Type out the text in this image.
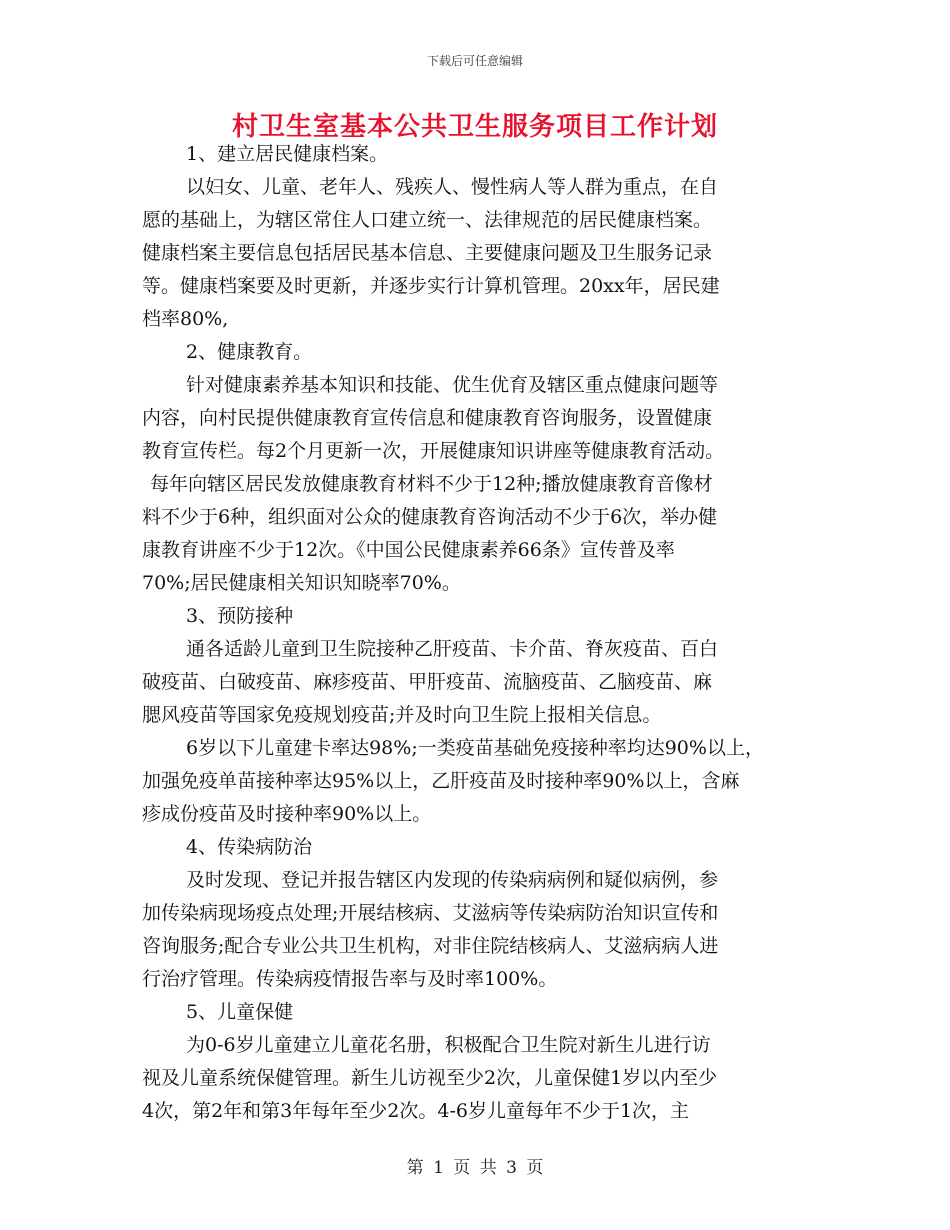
下载后可任意编辑
村卫生室基本公共卫生服务项目工作计划
1、建立居民健康档案。
以妇女、儿童、老年人、残疾人、慢性病人等人群为重点，在自
愿的基础上，为辖区常住人口建立统一、法律规范的居民健康档案。
健康档案主要信息包括居民基本信息、主要健康问题及卫生服务记录
等。健康档案要及时更新，并逐步实行计算机管理。20xx年，居民建
档率80%,
2、健康教育。
针对健康素养基本知识和技能、优生优育及辖区重点健康问题等
内容，向村民提供健康教育宣传信息和健康教育咨询服务，设置健康
教育宣传栏。每2个月更新一次，开展健康知识讲座等健康教育活动。
每年向辖区居民发放健康教育材料不少于12种;播放健康教育音像材
料不少于6种，组织面对公众的健康教育咨询活动不少于6次，举办健
康教育讲座不少于12次。《中国公民健康素养66条》宣传普及率
70%;居民健康相关知识知晓率70%。
3、预防接种
通各适龄儿童到卫生院接种乙肝疫苗、卡介苗、脊灰疫苗、百白
破疫苗、白破疫苗、麻疹疫苗、甲肝疫苗、流脑疫苗、乙脑疫苗、麻
腮风疫苗等国家免疫规划疫苗;并及时向卫生院上报相关信息。
6岁以下儿童建卡率达98%;一类疫苗基础免疫接种率均达90%以上，
加强免疫单苗接种率达95%以上，乙肝疫苗及时接种率90%以上，含麻
疹成份疫苗及时接种率90%以上。
4、传染病防治
及时发现、登记并报告辖区内发现的传染病病例和疑似病例，参
加传染病现场疫点处理;开展结核病、艾滋病等传染病防治知识宣传和
咨询服务;配合专业公共卫生机构，对非住院结核病人、艾滋病病人进
行治疗管理。传染病疫情报告率与及时率100%。
5、儿童保健
为0-6岁儿童建立儿童花名册，积极配合卫生院对新生儿进行访
视及儿童系统保健管理。新生儿访视至少2次，儿童保健1岁以内至少
4次，第2年和第3年每年至少2次。4-6岁儿童每年不少于1次，主
第 1 页 共 3 页
